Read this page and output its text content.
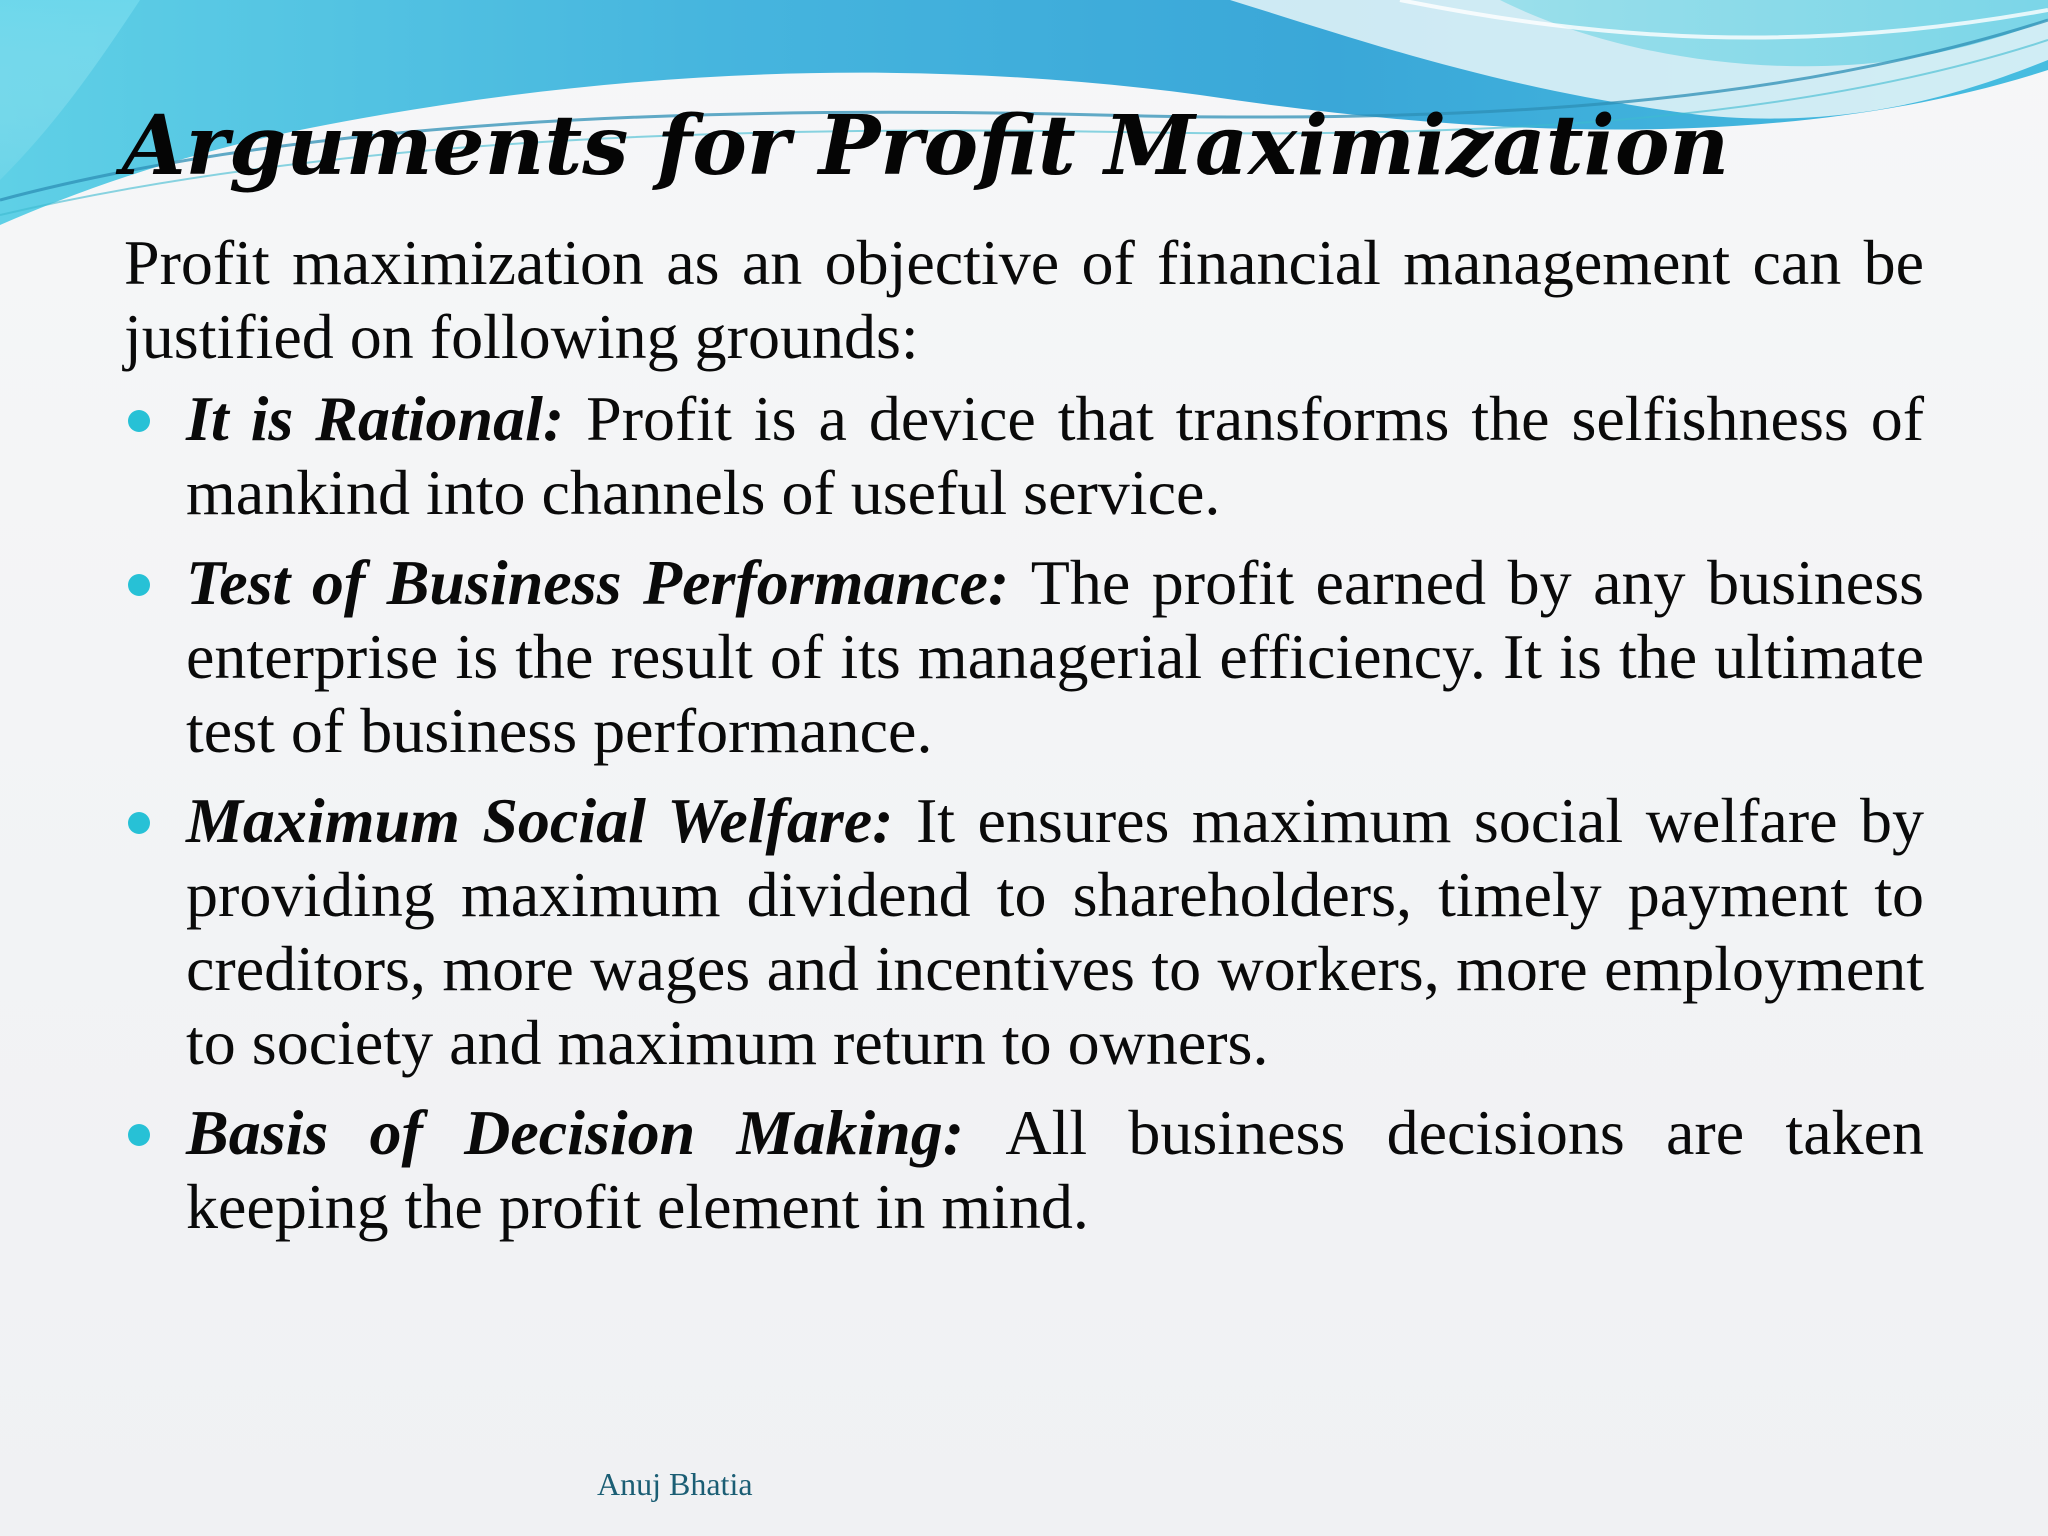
Arguments for Profit Maximization

Profit maximization as an objective of financial management can be justified on following grounds:

It is Rational: Profit is a device that transforms the selfishness of mankind into channels of useful service.
Test of Business Performance: The profit earned by any business enterprise is the result of its managerial efficiency. It is the ultimate test of business performance.
Maximum Social Welfare: It ensures maximum social welfare by providing maximum dividend to shareholders, timely payment to creditors, more wages and incentives to workers, more employment to society and maximum return to owners.
Basis of Decision Making: All business decisions are taken keeping the profit element in mind.
Anuj Bhatia
